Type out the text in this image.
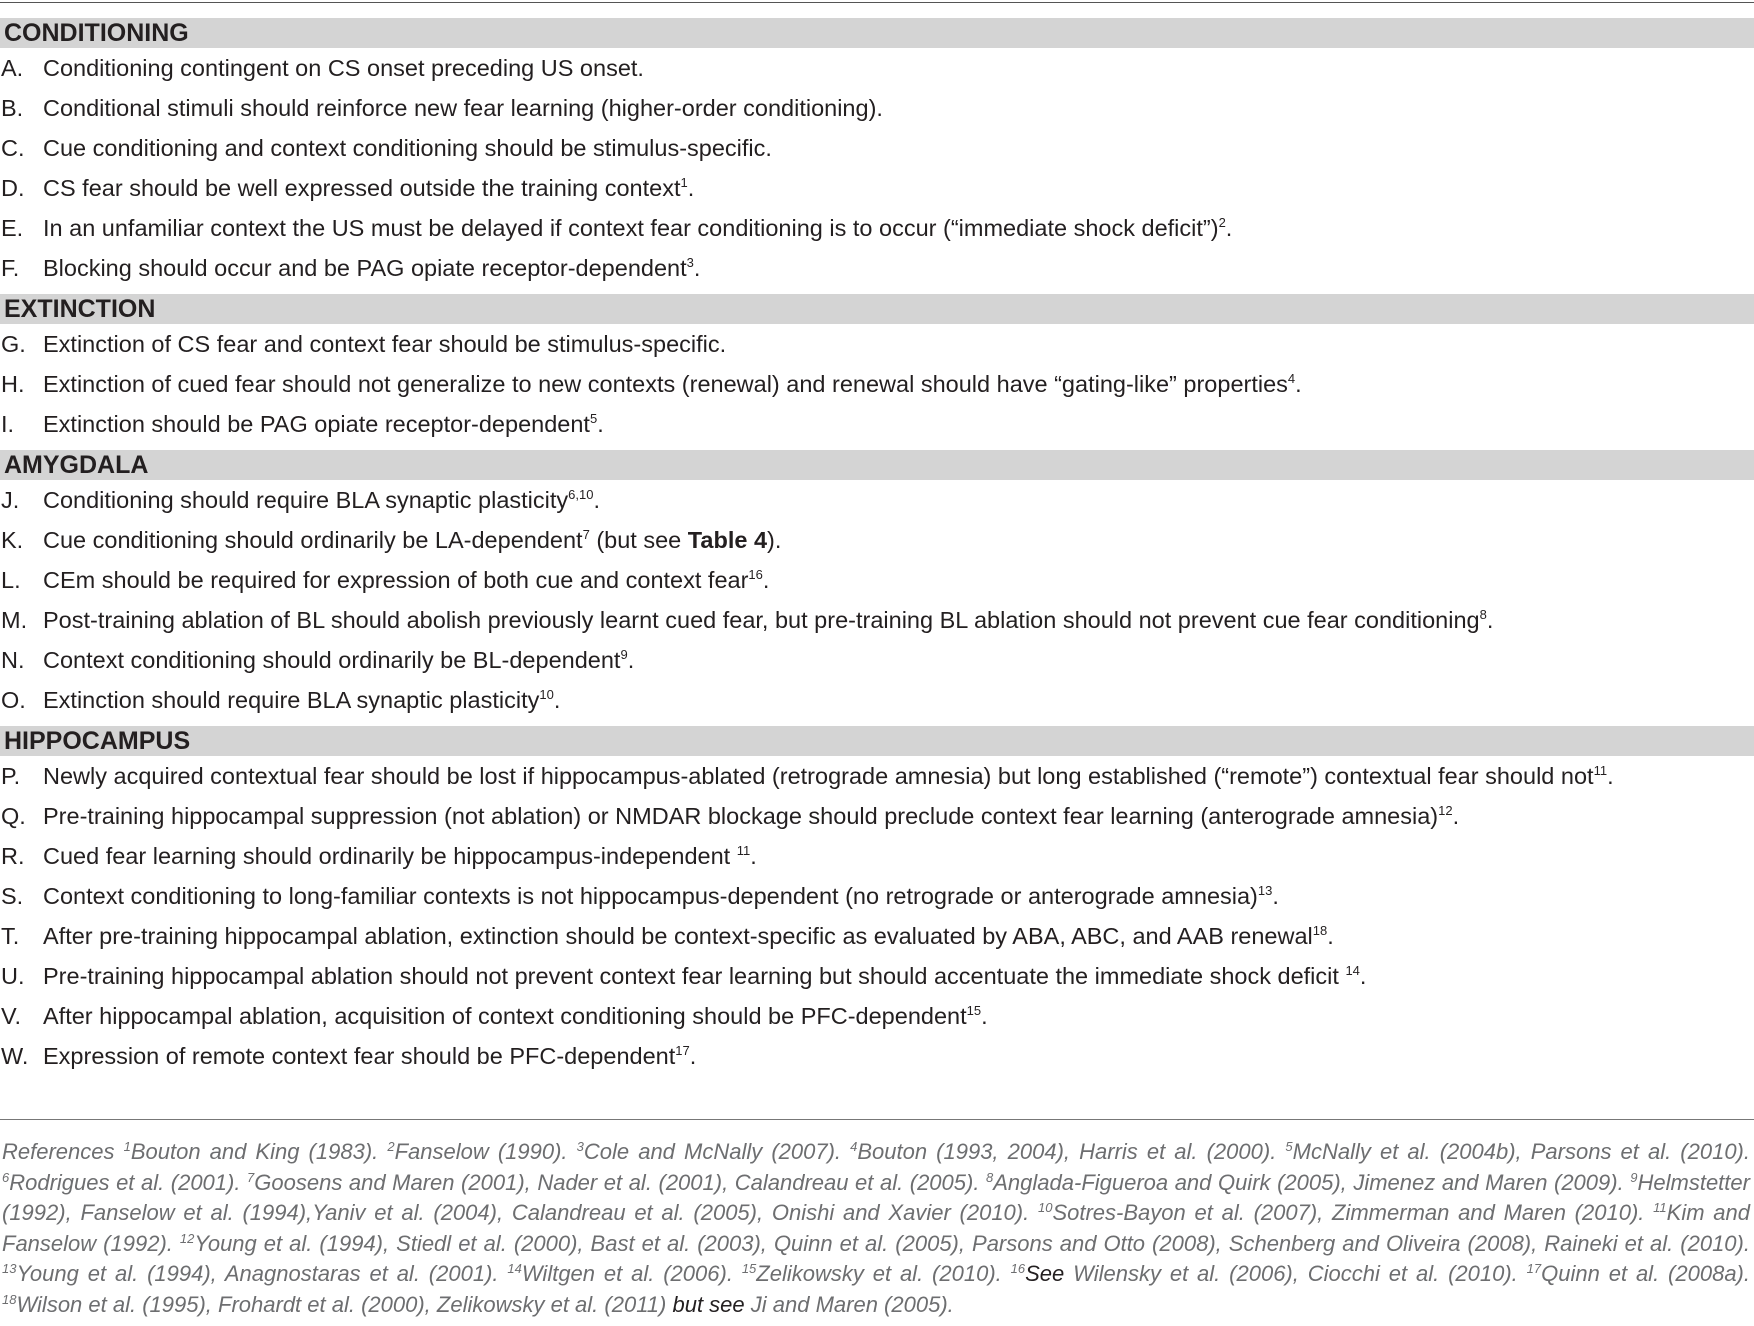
CONDITIONING
A. Conditioning contingent on CS onset preceding US onset.
B. Conditional stimuli should reinforce new fear learning (higher-order conditioning).
C. Cue conditioning and context conditioning should be stimulus-specific.
D. CS fear should be well expressed outside the training context$^1$.
E. In an unfamiliar context the US must be delayed if context fear conditioning is to occur (“immediate shock deficit”)$^2$.
F.	Blocking should occur and be PAG opiate receptor-dependent$^3$.
EXTINCTION
G. Extinction of CS fear and context fear should be stimulus-specific.
H. Extinction of cued fear should not generalize to new contexts (renewal) and renewal should have “gating-like” properties$^4$.
I.	Extinction should be PAG opiate receptor-dependent$^5$.
AMYGDALA
J.	Conditioning should require BLA synaptic plasticity$^{6,10}$.
K. Cue conditioning should ordinarily be LA-dependent$^7$ (but see Table 4).
L. CEm should be required for expression of both cue and context fear$^{16}$.
M. Post-training ablation of BL should abolish previously learnt cued fear, but pre-training BL ablation should not prevent cue fear conditioning$^8$.
N. Context conditioning should ordinarily be BL-dependent$^9$.
O. Extinction should require BLA synaptic plasticity$^{10}$.
HIPPOCAMPUS
P. Newly acquired contextual fear should be lost if hippocampus-ablated (retrograde amnesia) but long established (“remote”) contextual fear should not$^{11}$.
Q. Pre-training hippocampal suppression (not ablation) or NMDAR blockage should preclude context fear learning (anterograde amnesia)$^{12}$.
R. Cued fear learning should ordinarily be hippocampus-independent $^{11}$.
S. Context conditioning to long-familiar contexts is not hippocampus-dependent (no retrograde or anterograde amnesia)$^{13}$.
T.	After pre-training hippocampal ablation, extinction should be context-specific as evaluated by ABA, ABC, and AAB renewal$^{18}$.
U. Pre-training hippocampal ablation should not prevent context fear learning but should accentuate the immediate shock deficit $^{14}$.
V. After hippocampal ablation, acquisition of context conditioning should be PFC-dependent$^{15}$.
W. Expression of remote context fear should be PFC-dependent$^{17}$.
References $^1$Bouton and King (1983). $^2$Fanselow (1990). $^3$Cole and McNally (2007). $^4$Bouton (1993, 2004), Harris et al. (2000). $^5$McNally et al. (2004b), Parsons et al. (2010). $^6$Rodrigues et al. (2001). $^7$Goosens and Maren (2001), Nader et al. (2001), Calandreau et al. (2005). $^8$Anglada-Figueroa and Quirk (2005), Jimenez and Maren (2009). $^9$Helmstetter (1992), Fanselow et al. (1994),Yaniv et al. (2004), Calandreau et al. (2005), Onishi and Xavier (2010). $^{10}$Sotres-Bayon et al. (2007), Zimmerman and Maren (2010). $^{11}$Kim and Fanselow (1992). $^{12}$Young et al. (1994), Stiedl et al. (2000), Bast et al. (2003), Quinn et al. (2005), Parsons and Otto (2008), Schenberg and Oliveira (2008), Raineki et al. (2010). $^{13}$Young et al. (1994), Anagnostaras et al. (2001). $^{14}$Wiltgen et al. (2006). $^{15}$Zelikowsky et al. (2010). $^{16}$See Wilensky et al. (2006), Ciocchi et al. (2010). $^{17}$Quinn et al. (2008a). $^{18}$Wilson et al. (1995), Frohardt et al. (2000), Zelikowsky et al. (2011) but see Ji and Maren (2005).
